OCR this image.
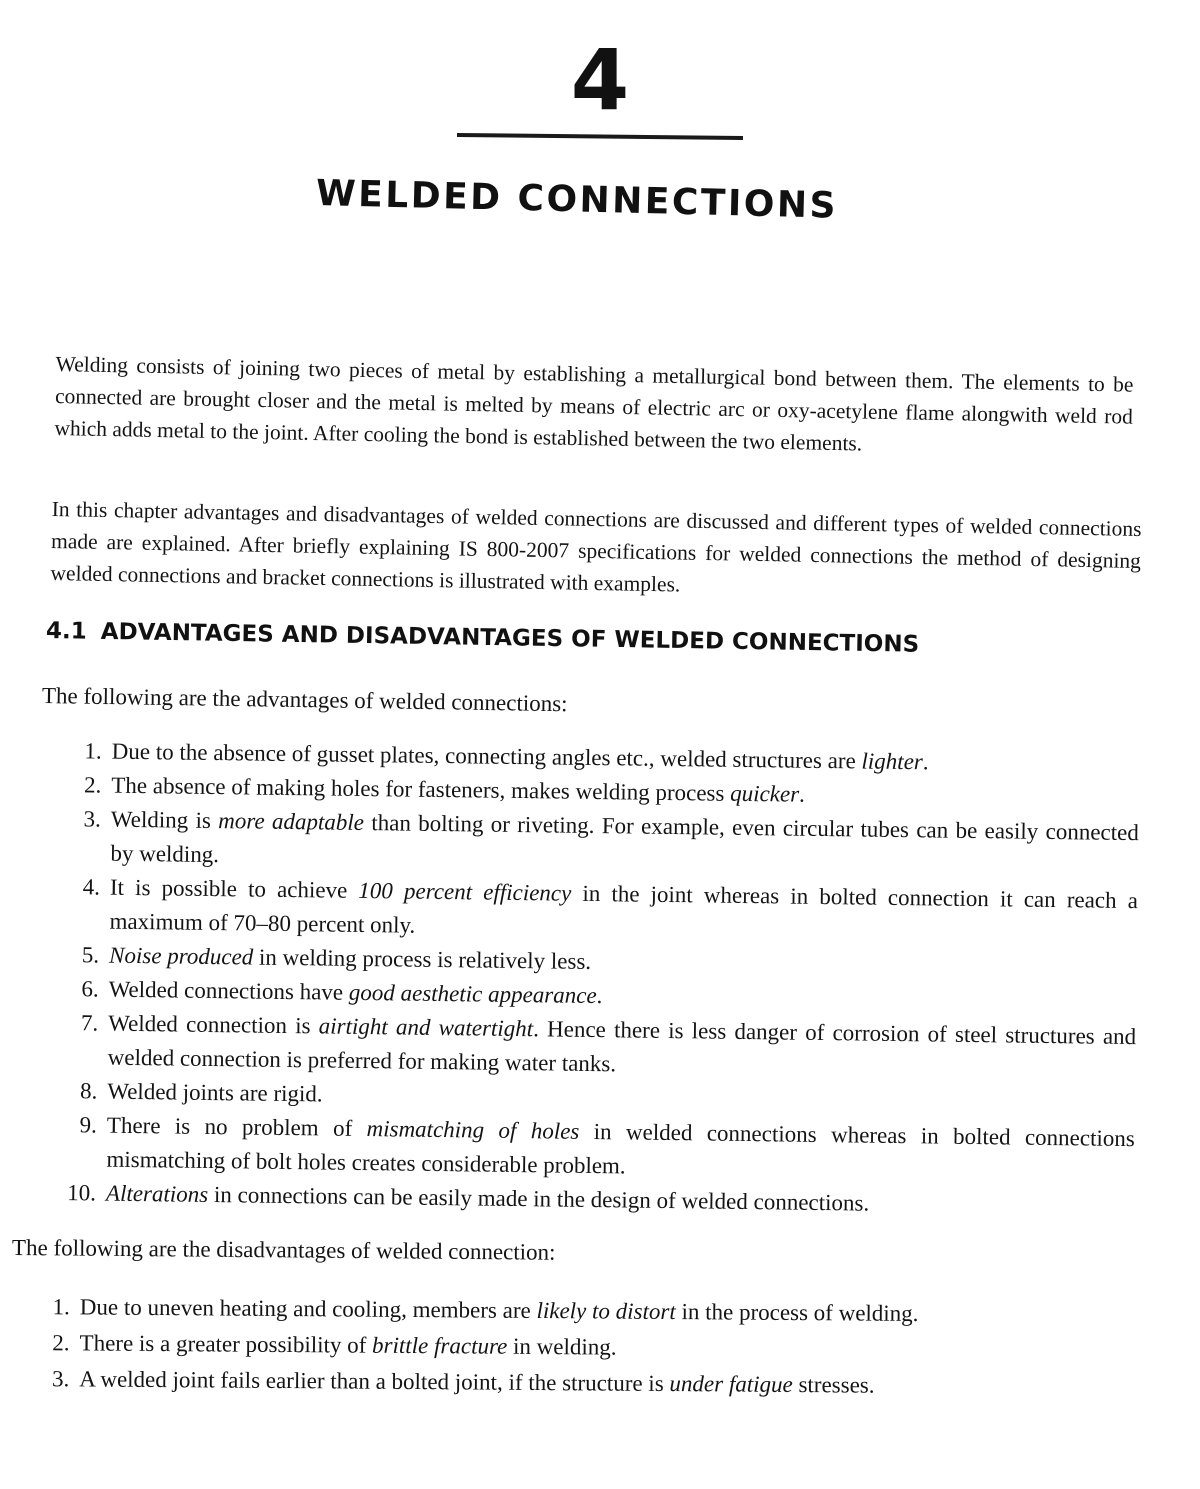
4
WELDED CONNECTIONS

Welding consists of joining two pieces of metal by establishing a metallurgical bond between them. The elements to be connected are brought closer and the metal is melted by means of electric arc or oxy-acetylene flame alongwith weld rod which adds metal to the joint. After cooling the bond is established between the two elements.

In this chapter advantages and disadvantages of welded connections are discussed and different types of welded connections made are explained. After briefly explaining IS 800-2007 specifications for welded connections the method of designing welded connections and bracket connections is illustrated with examples.

4.1 ADVANTAGES AND DISADVANTAGES OF WELDED CONNECTIONS
The following are the advantages of welded connections:
1 . Due to the absence of gusset plates, connecting angles etc., welded structures are lighter.
2 . The absence of making holes for fasteners, makes welding process quicker.
3 . Welding is more adaptable than bolting or riveting. For example, even circular tubes can be easily connected by welding.
4 . It is possible to achieve 100 percent efficiency in the joint whereas in bolted connection it can reach a maximum of 70–80 percent only.
5 . Noise produced in welding process is relatively less.
6 . Welded connections have good aesthetic appearance.
7 . Welded connection is airtight and watertight. Hence there is less danger of corrosion of steel structures and welded connection is preferred for making water tanks.
8 . Welded joints are rigid.
9 . There is no problem of mismatching of holes in welded connections whereas in bolted connections mismatching of bolt holes creates considerable problem.
10 . Alterations in connections can be easily made in the design of welded connections.
The following are the disadvantages of welded connection:
1 . Due to uneven heating and cooling, members are likely to distort in the process of welding.
2 . There is a greater possibility of brittle fracture in welding.
3 . A welded joint fails earlier than a bolted joint, if the structure is under fatigue stresses.
